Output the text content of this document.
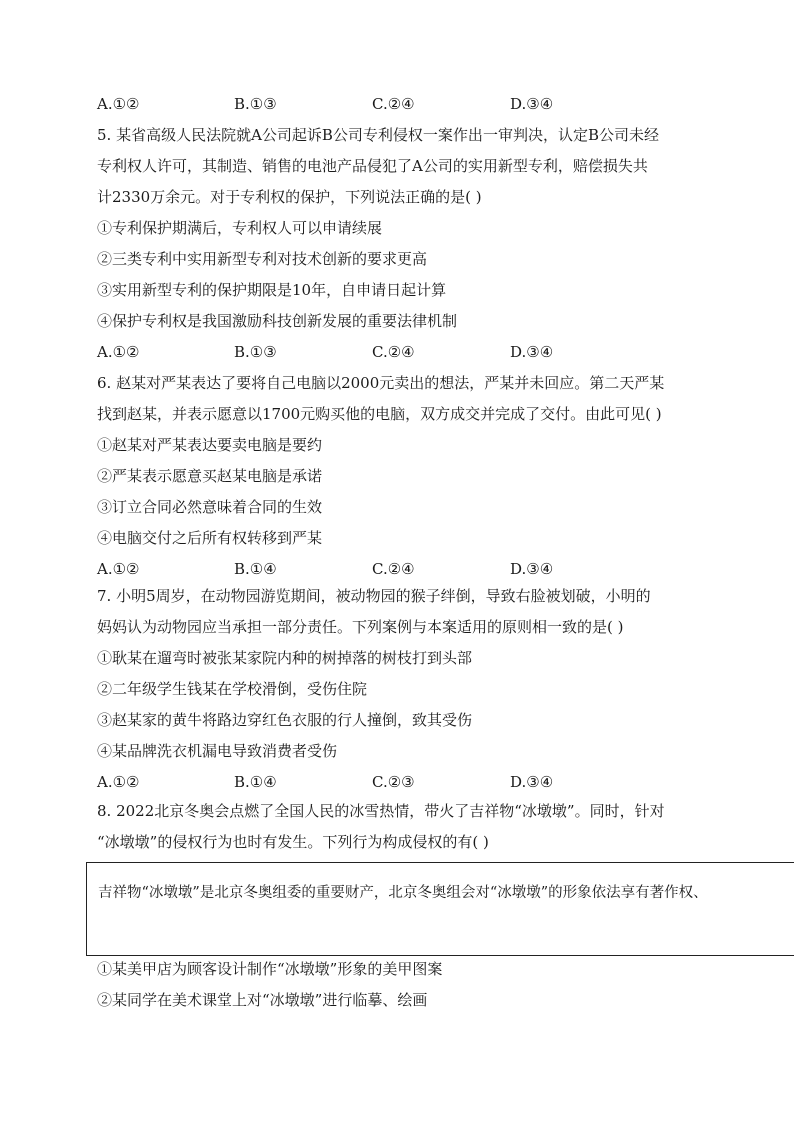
A.①②	B.①③	C.②④	D.③④
5. 某省高级人民法院就A公司起诉B公司专利侵权一案作出一审判决，认定B公司未经
专利权人许可，其制造、销售的电池产品侵犯了A公司的实用新型专利，赔偿损失共
计2330万余元。对于专利权的保护，下列说法正确的是( )
①专利保护期满后，专利权人可以申请续展
②三类专利中实用新型专利对技术创新的要求更高
③实用新型专利的保护期限是10年，自申请日起计算
④保护专利权是我国激励科技创新发展的重要法律机制
A.①②	B.①③	C.②④	D.③④
6. 赵某对严某表达了要将自己电脑以2000元卖出的想法，严某并未回应。第二天严某
找到赵某，并表示愿意以1700元购买他的电脑，双方成交并完成了交付。由此可见( )
①赵某对严某表达要卖电脑是要约
②严某表示愿意买赵某电脑是承诺
③订立合同必然意味着合同的生效
④电脑交付之后所有权转移到严某
A.①②	B.①④	C.②④	D.③④
7. 小明5周岁，在动物园游览期间，被动物园的猴子绊倒，导致右脸被划破，小明的
妈妈认为动物园应当承担一部分责任。下列案例与本案适用的原则相一致的是( )
①耿某在遛弯时被张某家院内种的树掉落的树枝打到头部
②二年级学生钱某在学校滑倒，受伤住院
③赵某家的黄牛将路边穿红色衣服的行人撞倒，致其受伤
④某品牌洗衣机漏电导致消费者受伤
A.①②	B.①④	C.②③	D.③④
8. 2022北京冬奥会点燃了全国人民的冰雪热情，带火了吉祥物“冰墩墩”。同时，针对
“冰墩墩”的侵权行为也时有发生。下列行为构成侵权的有( )
吉祥物“冰墩墩”是北京冬奥组委的重要财产，北京冬奥组会对“冰墩墩”的形象依法享有著作权、
①某美甲店为顾客设计制作“冰墩墩”形象的美甲图案
②某同学在美术课堂上对“冰墩墩”进行临摹、绘画
